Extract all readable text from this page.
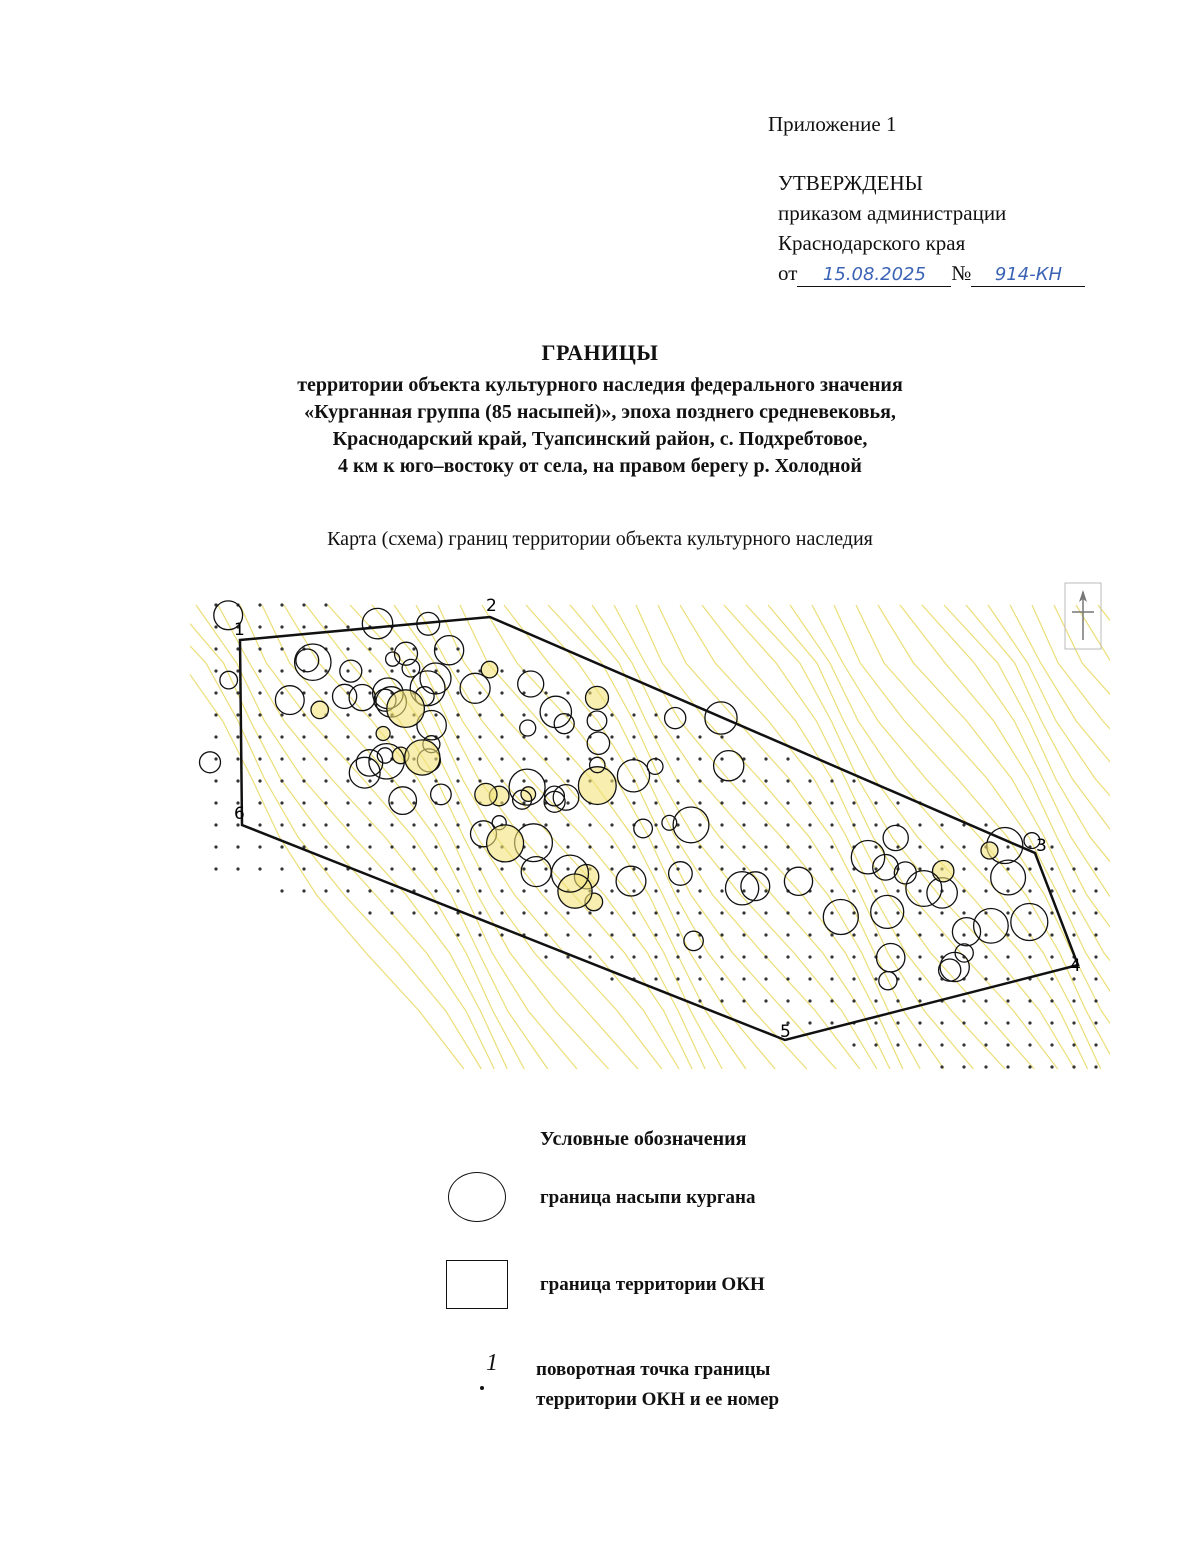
Приложение 1
УТВЕРЖДЕНЫ
приказом администрации
Краснодарского края
от 15.08.2025 № 914-КН
ГРАНИЦЫ
территории объекта культурного наследия федерального значения
«Курганная группа (85 насыпей)», эпоха позднего средневековья,
Краснодарский край, Туапсинский район, с. Подхребтовое,
4 км к юго–востоку от села, на правом берегу р. Холодной
Карта (схема) границ территории объекта культурного наследия
1
2
3
4
5
6
Условные обозначения
граница насыпи кургана
граница территории ОКН
1 поворотная точка границы
территории ОКН и ее номер
